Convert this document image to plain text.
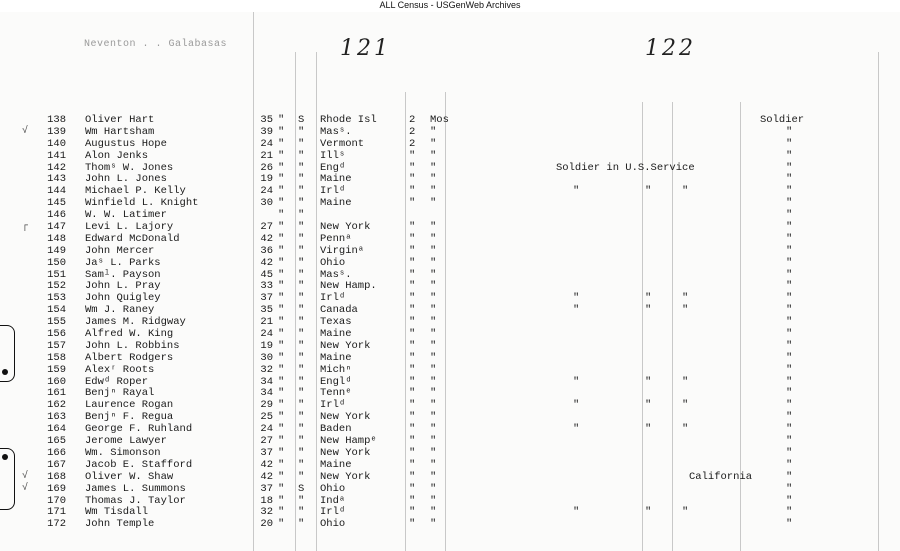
ALL Census - USGenWeb Archives
Neventon . . Galabasas	121	122
138 Oliver Hart	35 " S Rhode Isl	2 Mos	Soldier
√	139 Wm Hartsham	39 " " Masˢ.	2 "	"
140 Augustus Hope	24 " " Vermont	2 "	"
141 Alon Jenks	21 " " Illˢ	" "	"
142 Thomˢ W. Jones	26 " " Engᵈ	" "	Soldier in U.S.Service	"
143 John L. Jones	19 " " Maine	" "	"
144 Michael P. Kelly	24 " " Irlᵈ	" "	"	"	"	"
145 Winfield L. Knight	30 " " Maine	" "	"
146 W. W. Latimer	" "	"
┌	147 Levi L. Lajory	27 " " New York	" "	"
148 Edward McDonald	42 " " Pennᵃ	" "	"
149 John Mercer	36 " " Virginᵃ	" "	"
150 Jaˢ L. Parks	42 " " Ohio	" "	"
151 Samˡ. Payson	45 " " Masˢ.	" "	"
152 John L. Pray	33 " " New Hamp.	" "	"
153 John Quigley	37 " " Irlᵈ	" "	"	"	"	"
154 Wm J. Raney	35 " " Canada	" "	"	"	"	"
155 James M. Ridgway	21 " " Texas	" "	"
156 Alfred W. King	24 " " Maine	" "	"
157 John L. Robbins	19 " " New York	" "	"
158 Albert Rodgers	30 " " Maine	" "	"
159 Alexʳ Roots	32 " " Michⁿ	" "	"
160 Edwᵈ Roper	34 " " Englᵈ	" "	"	"	"	"
161 Benjⁿ Rayal	34 " " Tennᵉ	" "	"
162 Laurence Rogan	29 " " Irlᵈ	" "	"	"	"	"
163 Benjⁿ F. Regua	25 " " New York	" "	"
164 George F. Ruhland	24 " " Baden	" "	"	"	"	"
165 Jerome Lawyer	27 " " New Hampᵉ	" "	"
166 Wm. Simonson	37 " " New York	" "	"
167 Jacob E. Stafford	42 " " Maine	" "	"
√	168 Oliver W. Shaw	42 " " New York	" "	California	"
√	169 James L. Summons	37 " S Ohio	" "	"
170 Thomas J. Taylor	18 " " Indᵃ	" "	"
171 Wm Tisdall	32 " " Irlᵈ	" "	"	"	"	"
172 John Temple	20 " " Ohio	" "	"
